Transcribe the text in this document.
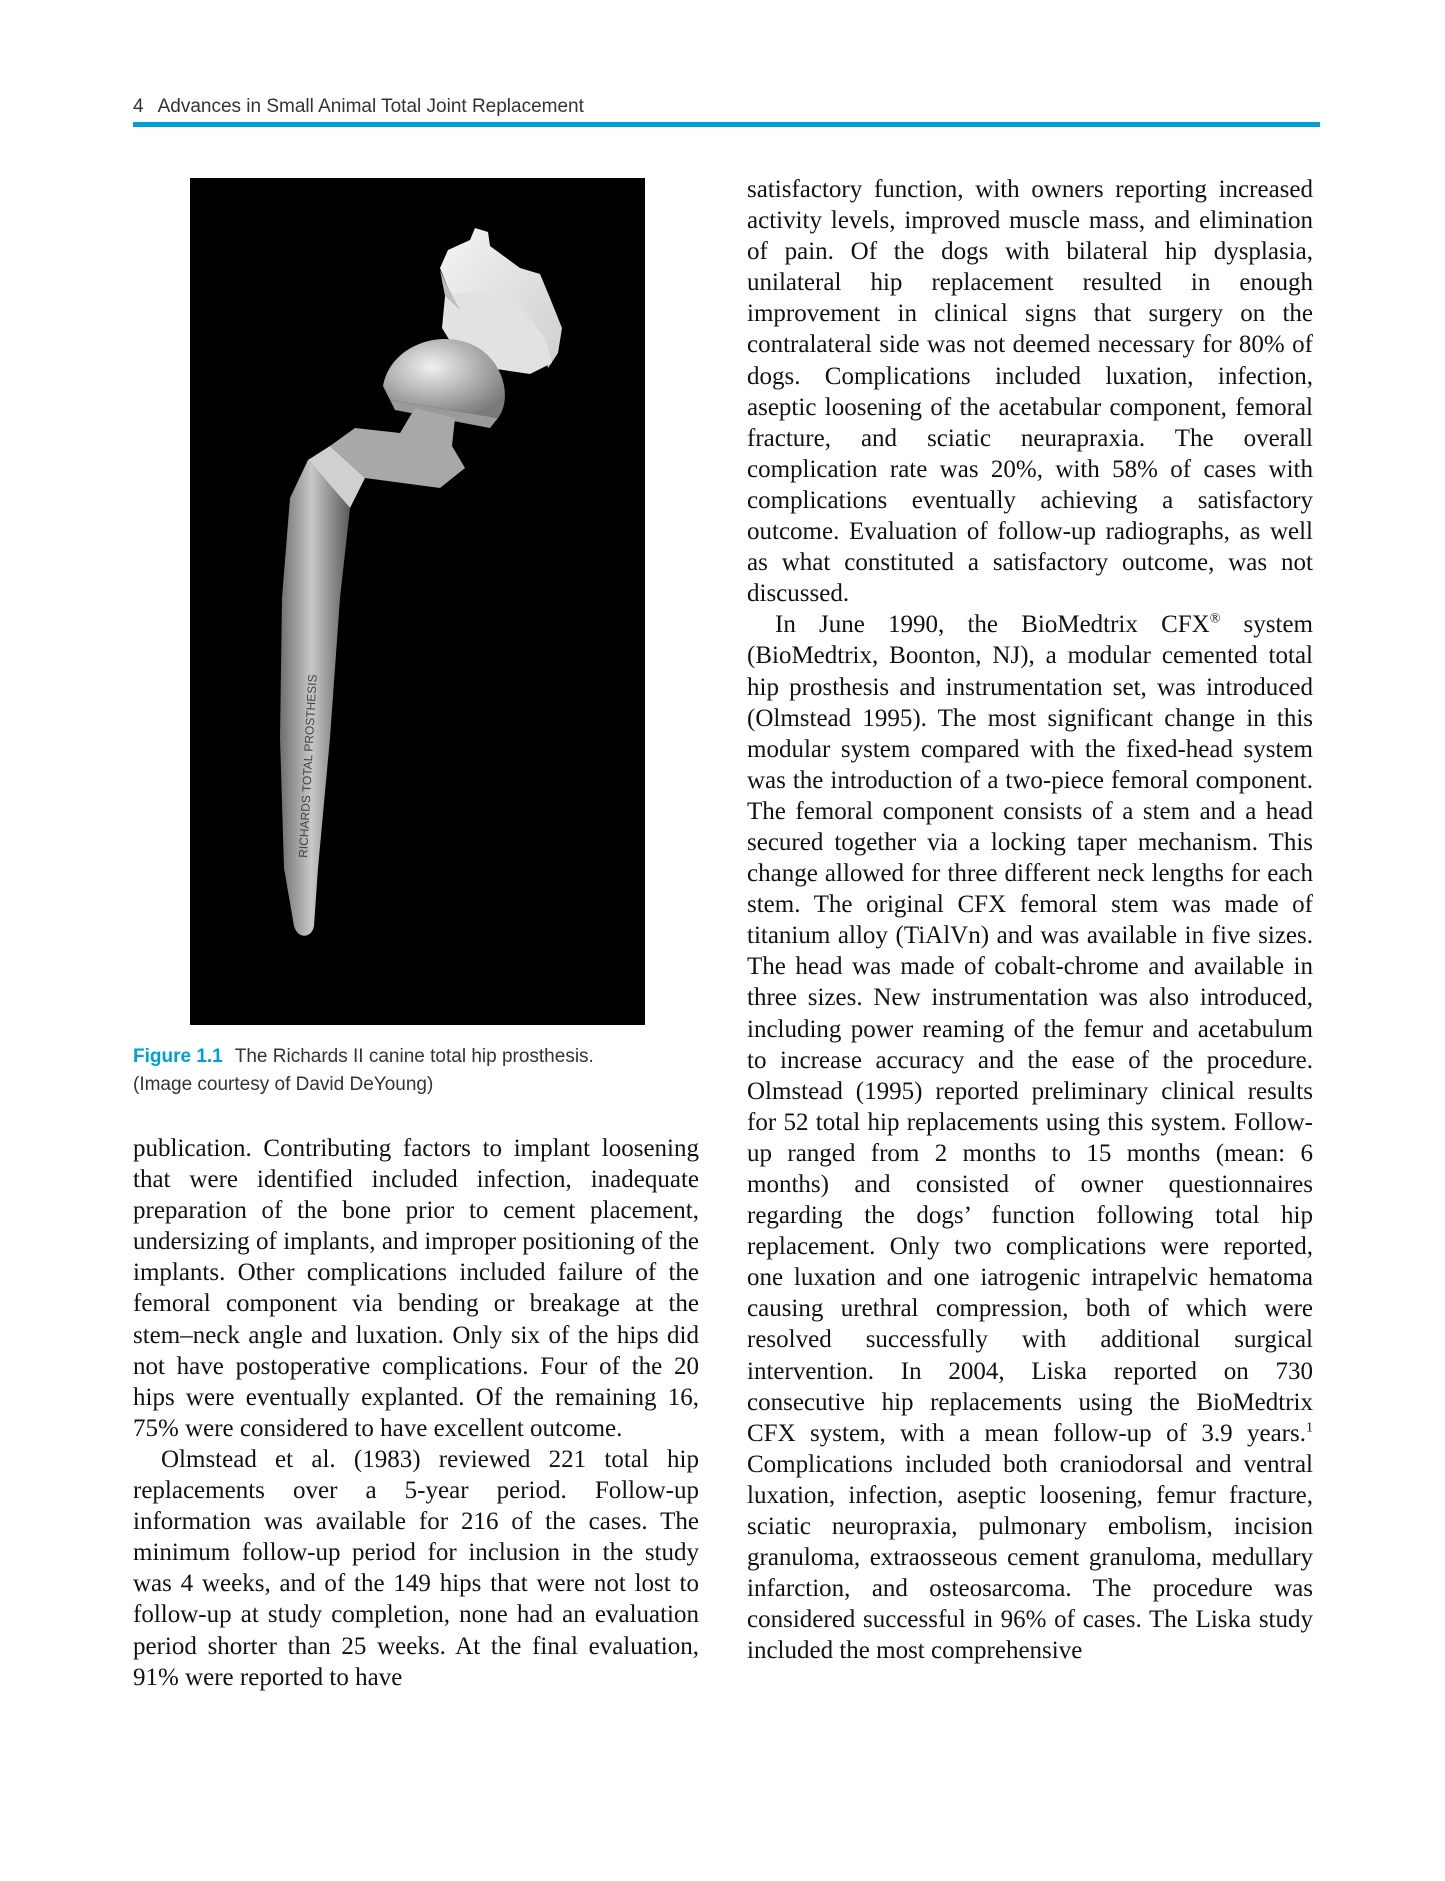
4 Advances in Small Animal Total Joint Replacement
RICHARDS TOTAL PROSTHESIS
Figure 1.1 The Richards II canine total hip prosthesis.
(Image courtesy of David DeYoung)

publication. Contributing factors to implant loosening that were identified included infection, inadequate preparation of the bone prior to cement placement, undersizing of implants, and improper positioning of the implants. Other complications included failure of the femoral component via bending or breakage at the stem–neck angle and luxation. Only six of the hips did not have postoperative complications. Four of the 20 hips were eventually explanted. Of the remaining 16, 75% were considered to have excellent outcome.

Olmstead et al. (1983) reviewed 221 total hip replacements over a 5-year period. Follow-up information was available for 216 of the cases. The minimum follow-up period for inclusion in the study was 4 weeks, and of the 149 hips that were not lost to follow-up at study completion, none had an evaluation period shorter than 25 weeks. At the final evaluation, 91% were reported to have

satisfactory function, with owners reporting increased activity levels, improved muscle mass, and elimination of pain. Of the dogs with bilateral hip dysplasia, unilateral hip replacement resulted in enough improvement in clinical signs that surgery on the contralateral side was not deemed necessary for 80% of dogs. Complications included luxation, infection, aseptic loosening of the acetabular component, femoral fracture, and sciatic neurapraxia. The overall complication rate was 20%, with 58% of cases with complications eventually achieving a satisfactory outcome. Evaluation of follow-up radiographs, as well as what constituted a satisfactory outcome, was not discussed.

In June 1990, the BioMedtrix CFX® system (BioMedtrix, Boonton, NJ), a modular cemented total hip prosthesis and instrumentation set, was introduced (Olmstead 1995). The most significant change in this modular system compared with the fixed-head system was the introduction of a two-piece femoral component. The femoral component consists of a stem and a head secured together via a locking taper mechanism. This change allowed for three different neck lengths for each stem. The original CFX femoral stem was made of titanium alloy (TiAlVn) and was available in five sizes. The head was made of cobalt-chrome and available in three sizes. New instrumentation was also introduced, including power reaming of the femur and acetabulum to increase accuracy and the ease of the procedure. Olmstead (1995) reported preliminary clinical results for 52 total hip replacements using this system. Follow-up ranged from 2 months to 15 months (mean: 6 months) and consisted of owner questionnaires regarding the dogs’ function following total hip replacement. Only two complications were reported, one luxation and one iatrogenic intrapelvic hematoma causing urethral compression, both of which were resolved successfully with additional surgical intervention. In 2004, Liska reported on 730 consecutive hip replacements using the BioMedtrix CFX system, with a mean follow-up of 3.9 years.$^1$ Complications included both craniodorsal and ventral luxation, infection, aseptic loosening, femur fracture, sciatic neuropraxia, pulmonary embolism, incision granuloma, extraosseous cement granuloma, medullary infarction, and osteosarcoma. The procedure was considered successful in 96% of cases. The Liska study included the most comprehensive
